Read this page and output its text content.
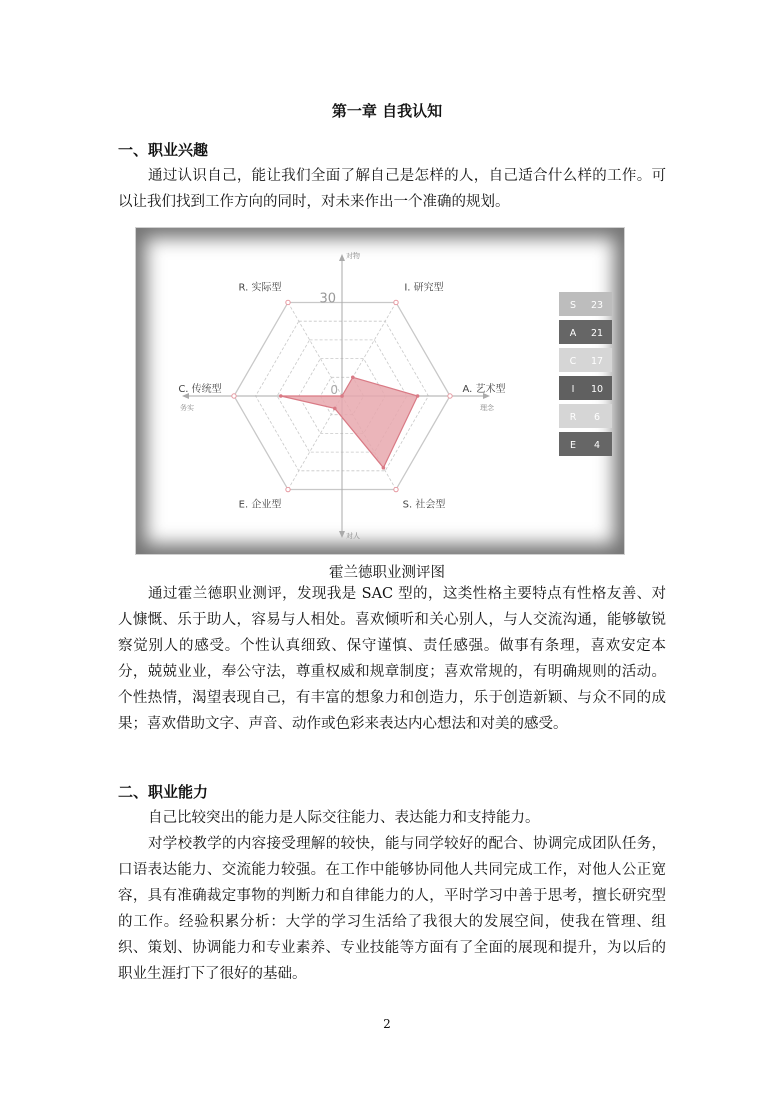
第一章 自我认知
一、职业兴趣

通过认识自己，能让我们全面了解自己是怎样的人，自己适合什么样的工作。可以让我们找到工作方向的同时，对未来作出一个准确的规划。

R. 实际型	I. 研究型
A. 艺术型
S. 社会型
E. 企业型
C. 传统型
30
0
对物
对人
务实	理念
S 23
A 21
C 17
I 10
R 6
E 4
霍兰德职业测评图

通过霍兰德职业测评，发现我是 SAC 型的，这类性格主要特点有性格友善、对人慷慨、乐于助人，容易与人相处。喜欢倾听和关心别人，与人交流沟通，能够敏锐察觉别人的感受。个性认真细致、保守谨慎、责任感强。做事有条理，喜欢安定本分，兢兢业业，奉公守法，尊重权威和规章制度；喜欢常规的，有明确规则的活动。个性热情，渴望表现自己，有丰富的想象力和创造力，乐于创造新颖、与众不同的成果；喜欢借助文字、声音、动作或色彩来表达内心想法和对美的感受。

二、职业能力

自己比较突出的能力是人际交往能力、表达能力和支持能力。

对学校教学的内容接受理解的较快，能与同学较好的配合、协调完成团队任务，口语表达能力、交流能力较强。在工作中能够协同他人共同完成工作，对他人公正宽容，具有准确裁定事物的判断力和自律能力的人，平时学习中善于思考，擅长研究型的工作。经验积累分析：大学的学习生活给了我很大的发展空间，使我在管理、组织、策划、协调能力和专业素养、专业技能等方面有了全面的展现和提升，为以后的职业生涯打下了很好的基础。

2
